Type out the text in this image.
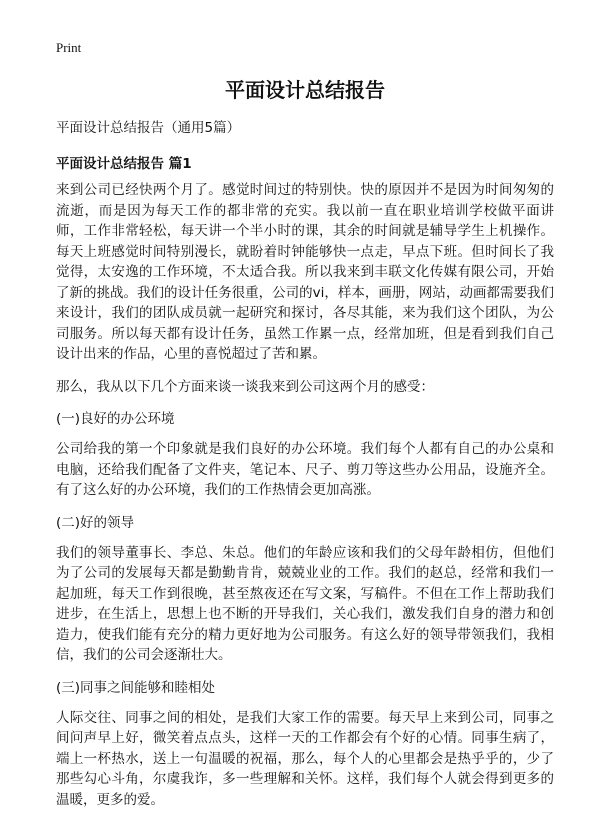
Print
平面设计总结报告

平面设计总结报告（通用5篇）

平面设计总结报告 篇1

来到公司已经快两个月了。感觉时间过的特别快。快的原因并不是因为时间匆匆的流逝，而是因为每天工作的都非常的充实。我以前一直在职业培训学校做平面讲师，工作非常轻松，每天讲一个半小时的课，其余的时间就是辅导学生上机操作。每天上班感觉时间特别漫长，就盼着时钟能够快一点走，早点下班。但时间长了我觉得，太安逸的工作环境，不太适合我。所以我来到丰联文化传媒有限公司，开始了新的挑战。我们的设计任务很重，公司的vi，样本，画册，网站，动画都需要我们来设计，我们的团队成员就一起研究和探讨，各尽其能，来为我们这个团队，为公司服务。所以每天都有设计任务，虽然工作累一点，经常加班，但是看到我们自己设计出来的作品，心里的喜悦超过了苦和累。

那么，我从以下几个方面来谈一谈我来到公司这两个月的感受：

(一)良好的办公环境

公司给我的第一个印象就是我们良好的办公环境。我们每个人都有自己的办公桌和电脑，还给我们配备了文件夹，笔记本、尺子、剪刀等这些办公用品，设施齐全。有了这么好的办公环境，我们的工作热情会更加高涨。

(二)好的领导

我们的领导董事长、李总、朱总。他们的年龄应该和我们的父母年龄相仿，但他们为了公司的发展每天都是勤勤肯肯，兢兢业业的工作。我们的赵总，经常和我们一起加班，每天工作到很晚，甚至熬夜还在写文案，写稿件。不但在工作上帮助我们进步，在生活上，思想上也不断的开导我们，关心我们，激发我们自身的潜力和创造力，使我们能有充分的精力更好地为公司服务。有这么好的领导带领我们，我相信，我们的公司会逐渐壮大。

(三)同事之间能够和睦相处

人际交往、同事之间的相处，是我们大家工作的需要。每天早上来到公司，同事之间问声早上好，微笑着点点头，这样一天的工作都会有个好的心情。同事生病了，端上一杯热水，送上一句温暖的祝福，那么，每个人的心里都会是热乎乎的，少了那些勾心斗角，尔虞我诈，多一些理解和关怀。这样，我们每个人就会得到更多的温暖，更多的爱。
